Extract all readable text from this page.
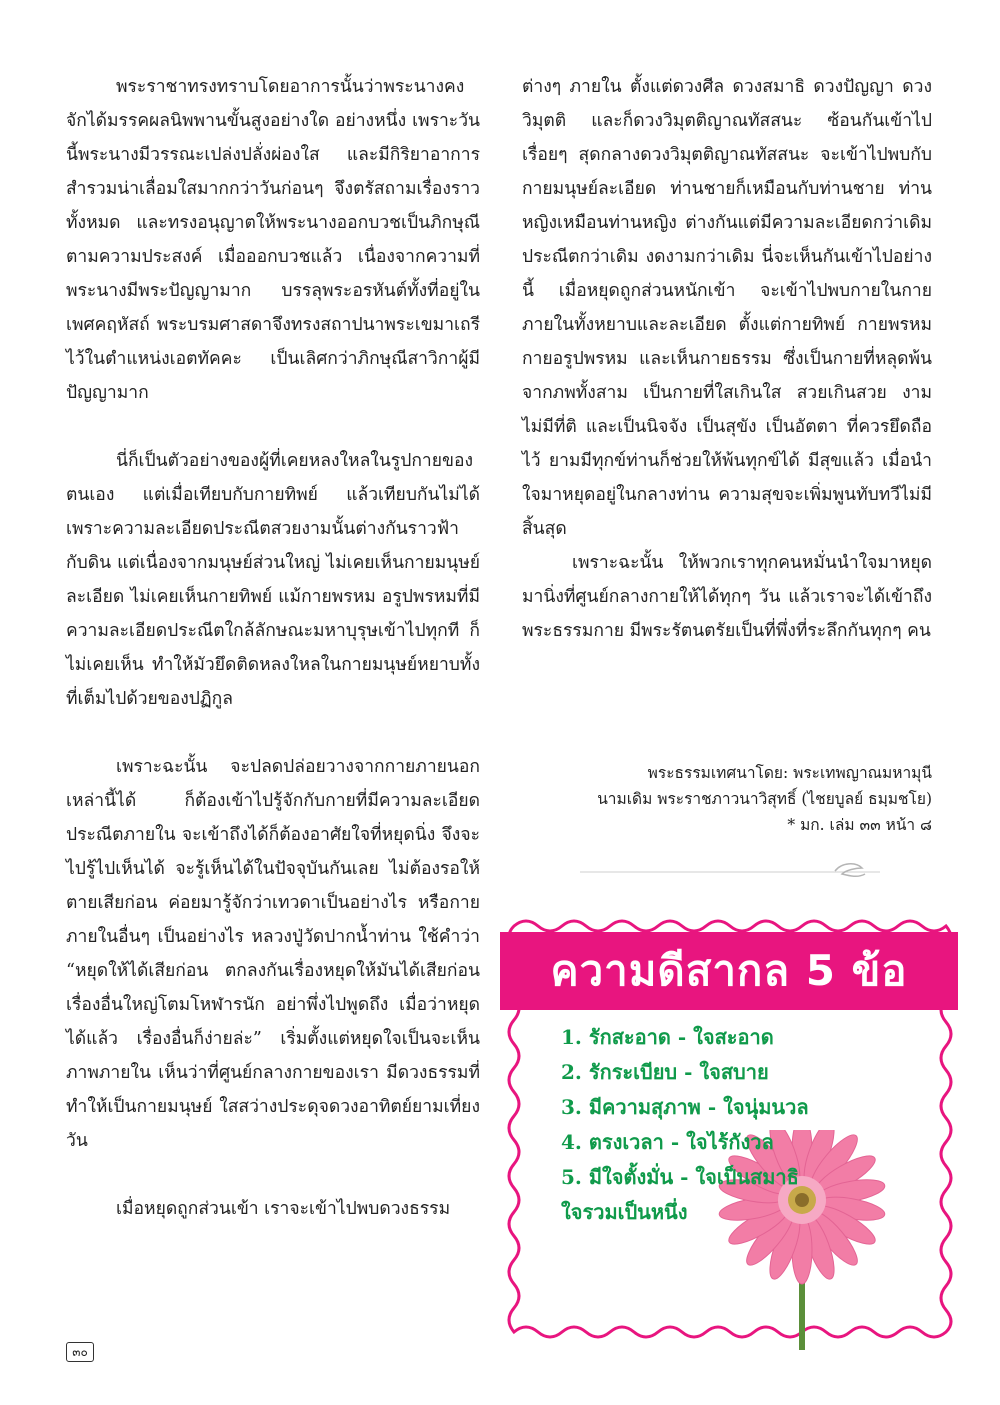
พระราชาทรงทราบโดยอาการนั้นว่าพระนางคงจักได้มรรคผลนิพพานขั้นสูงอย่างใด อย่างหนึ่ง เพราะวันนี้พระนางมีวรรณะเปล่งปลั่งผ่องใส และมีกิริยาอาการสำรวมน่าเลื่อมใสมากกว่าวันก่อนๆ จึงตรัสถามเรื่องราวทั้งหมด และทรงอนุญาตให้พระนางออกบวชเป็นภิกษุณีตามความประสงค์ เมื่อออกบวชแล้ว เนื่องจากความที่พระนางมีพระปัญญามาก บรรลุพระอรหันต์ทั้งที่อยู่ในเพศคฤหัสถ์ พระบรมศาสดาจึงทรงสถาปนาพระเขมาเถรีไว้ในตำแหน่งเอตทัคคะ เป็นเลิศกว่าภิกษุณีสาวิกาผู้มีปัญญามาก

นี่ก็เป็นตัวอย่างของผู้ที่เคยหลงใหลในรูปกายของตนเอง แต่เมื่อเทียบกับกายทิพย์ แล้วเทียบกันไม่ได้ เพราะความละเอียดประณีตสวยงามนั้นต่างกันราวฟ้ากับดิน แต่เนื่องจากมนุษย์ส่วนใหญ่ ไม่เคยเห็นกายมนุษย์ละเอียด ไม่เคยเห็นกายทิพย์ แม้กายพรหม อรูปพรหมที่มีความละเอียดประณีตใกล้ลักษณะมหาบุรุษเข้าไปทุกที ก็ไม่เคยเห็น ทำให้มัวยึดติดหลงใหลในกายมนุษย์หยาบทั้งที่เต็มไปด้วยของปฏิกูล

เพราะฉะนั้น จะปลดปล่อยวางจากกายภายนอกเหล่านี้ได้ ก็ต้องเข้าไปรู้จักกับกายที่มีความละเอียดประณีตภายใน จะเข้าถึงได้ก็ต้องอาศัยใจที่หยุดนิ่ง จึงจะไปรู้ไปเห็นได้ จะรู้เห็นได้ในปัจจุบันกันเลย ไม่ต้องรอให้ตายเสียก่อน ค่อยมารู้จักว่าเทวดาเป็นอย่างไร หรือกายภายในอื่นๆ เป็นอย่างไร หลวงปู่วัดปากน้ำท่าน ใช้คำว่า “หยุดให้ได้เสียก่อน ตกลงกันเรื่องหยุดให้มันได้เสียก่อน เรื่องอื่นใหญ่โตมโหฬารนัก อย่าพึ่งไปพูดถึง เมื่อว่าหยุดได้แล้ว เรื่องอื่นก็ง่ายล่ะ” เริ่มตั้งแต่หยุดใจเป็นจะเห็นภาพภายใน เห็นว่าที่ศูนย์กลางกายของเรา มีดวงธรรมที่ทำให้เป็นกายมนุษย์ ใสสว่างประดุจดวงอาทิตย์ยามเที่ยงวัน

เมื่อหยุดถูกส่วนเข้า เราจะเข้าไปพบดวงธรรม

ต่างๆ ภายใน ตั้งแต่ดวงศีล ดวงสมาธิ ดวงปัญญา ดวงวิมุตติ และก็ดวงวิมุตติญาณทัสสนะ ซ้อนกันเข้าไปเรื่อยๆ สุดกลางดวงวิมุตติญาณทัสสนะ จะเข้าไปพบกับกายมนุษย์ละเอียด ท่านชายก็เหมือนกับท่านชาย ท่านหญิงเหมือนท่านหญิง ต่างกันแต่มีความละเอียดกว่าเดิม ประณีตกว่าเดิม งดงามกว่าเดิม นี่จะเห็นกันเข้าไปอย่างนี้ เมื่อหยุดถูกส่วนหนักเข้า จะเข้าไปพบกายในกายภายในทั้งหยาบและละเอียด ตั้งแต่กายทิพย์ กายพรหม กายอรูปพรหม และเห็นกายธรรม ซึ่งเป็นกายที่หลุดพ้นจากภพทั้งสาม เป็นกายที่ใสเกินใส สวยเกินสวย งามไม่มีที่ติ และเป็นนิจจัง เป็นสุขัง เป็นอัตตา ที่ควรยึดถือไว้ ยามมีทุกข์ท่านก็ช่วยให้พ้นทุกข์ได้ มีสุขแล้ว เมื่อนำใจมาหยุดอยู่ในกลางท่าน ความสุขจะเพิ่มพูนทับทวีไม่มีสิ้นสุด

เพราะฉะนั้น ให้พวกเราทุกคนหมั่นนำใจมาหยุดมานิ่งที่ศูนย์กลางกายให้ได้ทุกๆ วัน แล้วเราจะได้เข้าถึงพระธรรมกาย มีพระรัตนตรัยเป็นที่พึ่งที่ระลึกกันทุกๆ คน

พระธรรมเทศนาโดย: พระเทพญาณมหามุนี
นามเดิม พระราชภาวนาวิสุทธิ์ (ไชยบูลย์ ธมฺมชโย)
* มก. เล่ม ๓๓ หน้า ๘
ความดีสากล 5 ข้อ
1. รักสะอาด - ใจสะอาด
2. รักระเบียบ - ใจสบาย
3. มีความสุภาพ - ใจนุ่มนวล
4. ตรงเวลา - ใจไร้กังวล
5. มีใจตั้งมั่น - ใจเป็นสมาธิ
ใจรวมเป็นหนึ่ง
๓๐
